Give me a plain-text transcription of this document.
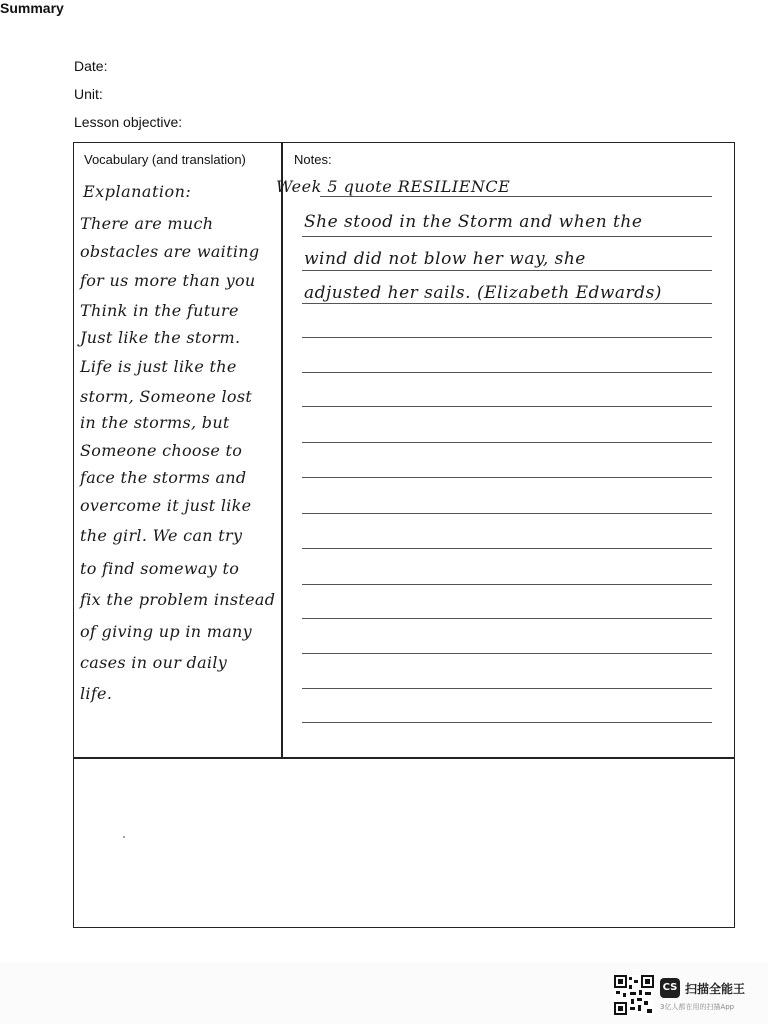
Date:
Unit:
Lesson objective:
Vocabulary (and translation)	Notes:
Summary
Explanation:
There are much
obstacles are waiting
for us more than you
Think in the future
Just like the storm.
Life is just like the
storm, Someone lost
in the storms, but
Someone choose to
face the storms and
overcome it just like
the girl. We can try
to find someway to
fix the problem instead
of giving up in many
cases in our daily
life.
Week 5 quote RESILIENCE
She stood in the Storm and when the
wind did not blow her way, she
adjusted her sails. (Elizabeth Edwards)
CS 扫描全能王
3亿人都在用的扫描App
